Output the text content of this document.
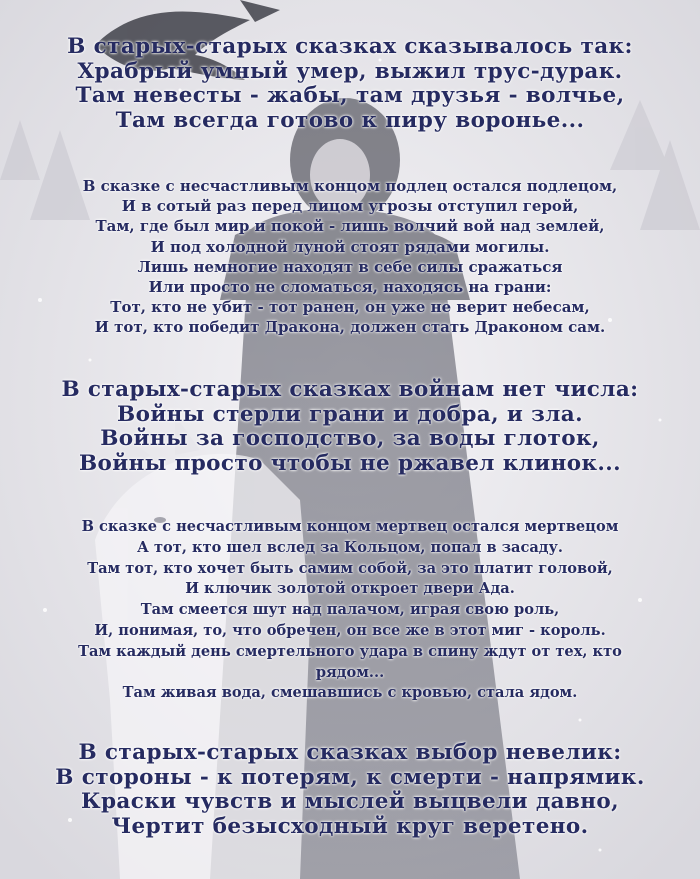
В старых-старых сказках сказывалось так:
Храбрый умный умер, выжил трус-дурак.
Там невесты - жабы, там друзья - волчье,
Там всегда готово к пиру воронье...
В сказке с несчастливым концом подлец остался подлецом,
И в сотый раз перед лицом угрозы отступил герой,
Там, где был мир и покой - лишь волчий вой над землей,
И под холодной луной стоят рядами могилы.
Лишь немногие находят в себе силы сражаться
Или просто не сломаться, находясь на грани:
Тот, кто не убит - тот ранен, он уже не верит небесам,
И тот, кто победит Дракона, должен стать Драконом сам.
В старых-старых сказках войнам нет числа:
Войны стерли грани и добра, и зла.
Войны за господство, за воды глоток,
Войны просто чтобы не ржавел клинок...
В сказке с несчастливым концом мертвец остался мертвецом
А тот, кто шел вслед за Кольцом, попал в засаду.
Там тот, кто хочет быть самим собой, за это платит головой,
И ключик золотой откроет двери Ада.
Там смеется шут над палачом, играя свою роль,
И, понимая, то, что обречен, он все же в этот миг - король.
Там каждый день смертельного удара в спину ждут от тех, кто
рядом...
Там живая вода, смешавшись с кровью, стала ядом.
В старых-старых сказках выбор невелик:
В стороны - к потерям, к смерти - напрямик.
Краски чувств и мыслей выцвели давно,
Чертит безысходный круг веретено.
